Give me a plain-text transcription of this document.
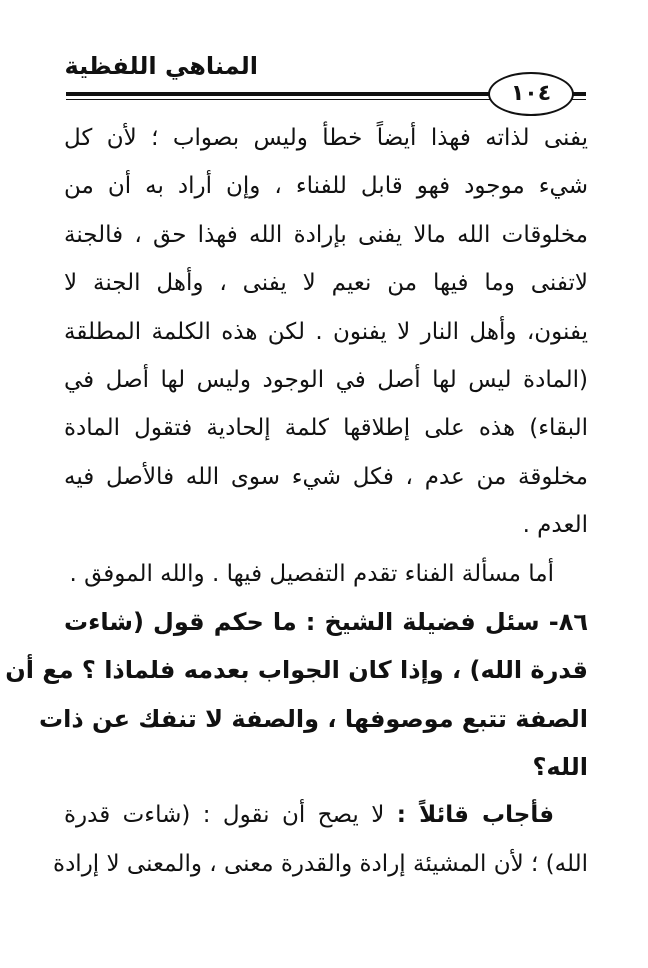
المناهي اللفظية
١٠٤
يفنى لذاته فهذا أيضاً خطأ وليس بصواب ؛ لأن كل
شيء موجود فهو قابل للفناء ، وإن أراد به أن من
مخلوقات الله مالا يفنى بإرادة الله فهذا حق ، فالجنة
لاتفنى وما فيها من نعيم لا يفنى ، وأهل الجنة لا
يفنون، وأهل النار لا يفنون . لكن هذه الكلمة المطلقة
(المادة ليس لها أصل في الوجود وليس لها أصل في
البقاء) هذه على إطلاقها كلمة إلحادية فتقول المادة
مخلوقة من عدم ، فكل شيء سوى الله فالأصل فيه
العدم .
أما مسألة الفناء تقدم التفصيل فيها . والله الموفق .
٨٦- سئل فضيلة الشيخ : ما حكم قول (شاءت
قدرة الله) ، وإذا كان الجواب بعدمه فلماذا ؟ مع أن
الصفة تتبع موصوفها ، والصفة لا تنفك عن ذات
الله؟
فأجاب قائلاً : لا يصح أن نقول : (شاءت قدرة
الله) ؛ لأن المشيئة إرادة والقدرة معنى ، والمعنى لا إرادة
